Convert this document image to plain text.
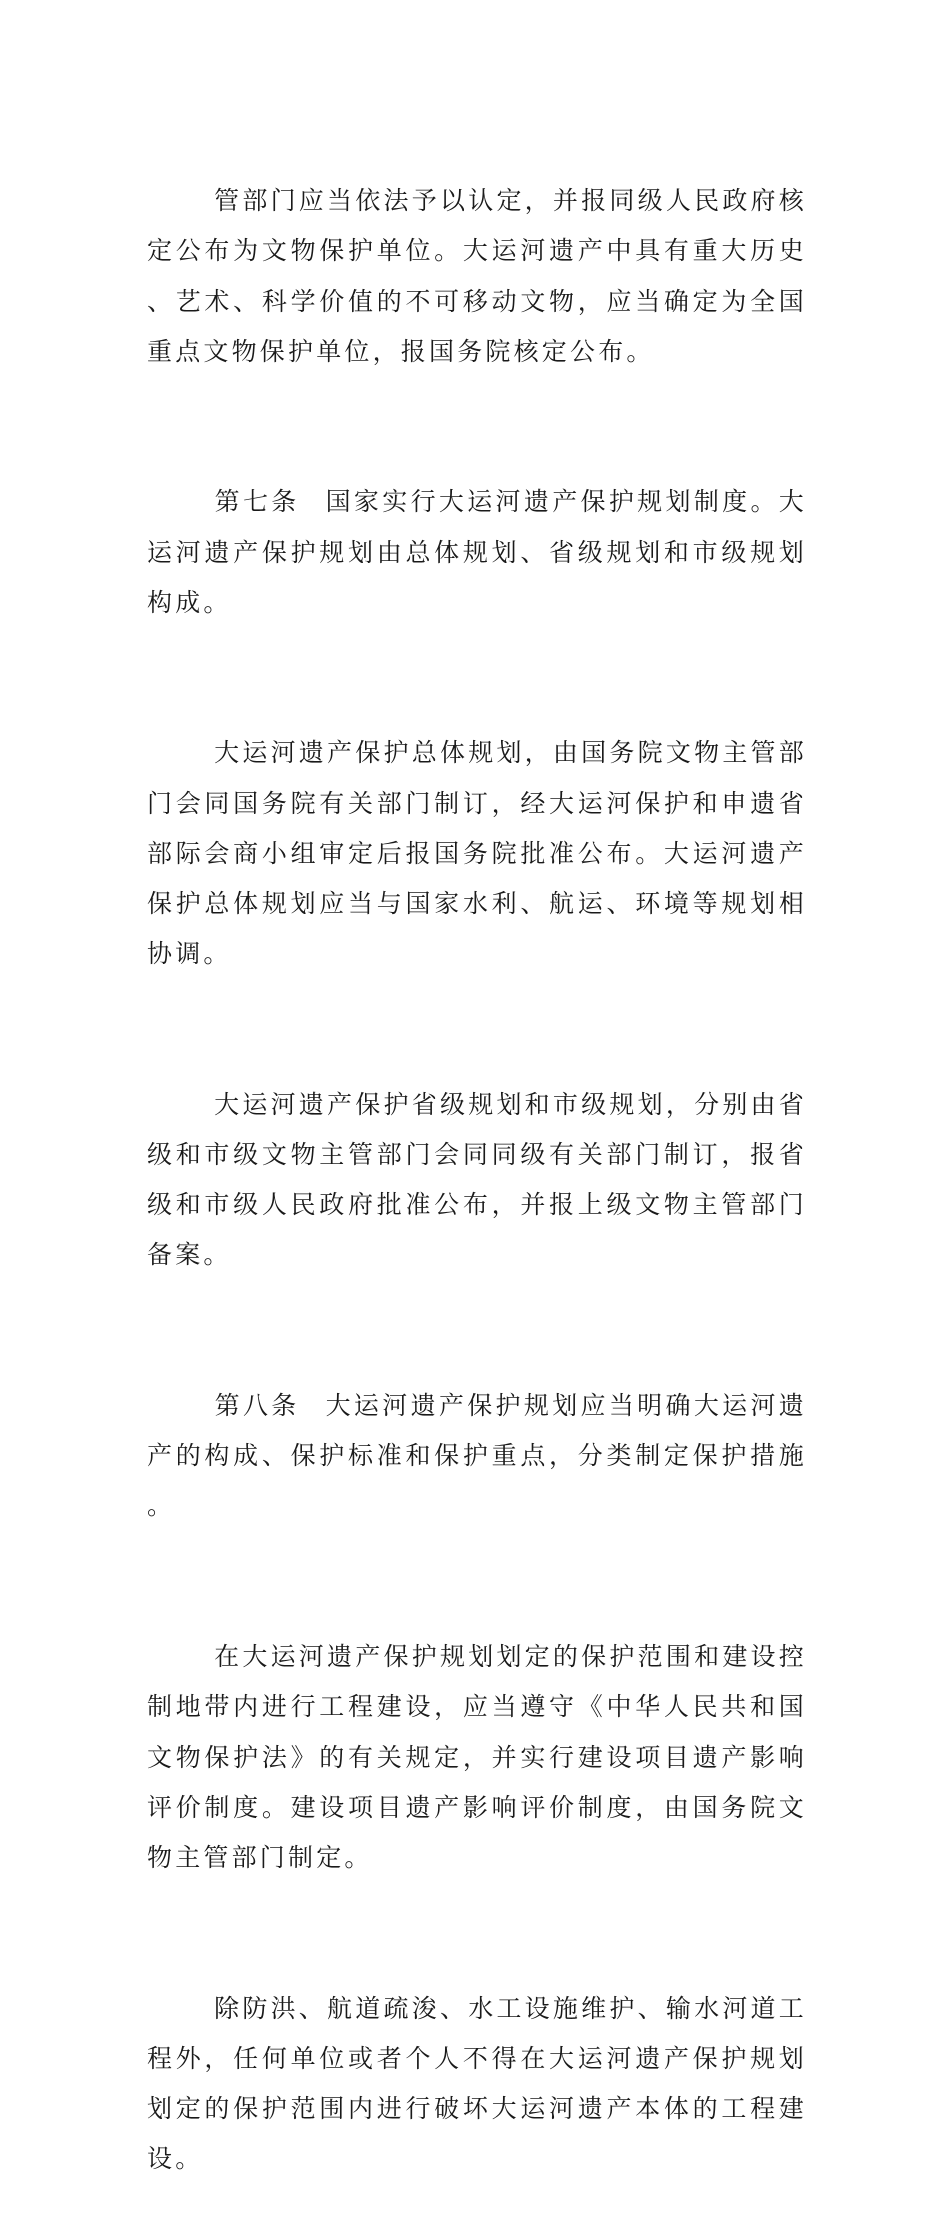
管部门应当依法予以认定，并报同级人民政府核定公布为文物保护单位。大运河遗产中具有重大历史、艺术、科学价值的不可移动文物，应当确定为全国重点文物保护单位，报国务院核定公布。

第七条 国家实行大运河遗产保护规划制度。大运河遗产保护规划由总体规划、省级规划和市级规划构成。

大运河遗产保护总体规划，由国务院文物主管部门会同国务院有关部门制订，经大运河保护和申遗省部际会商小组审定后报国务院批准公布。大运河遗产保护总体规划应当与国家水利、航运、环境等规划相协调。

大运河遗产保护省级规划和市级规划，分别由省级和市级文物主管部门会同同级有关部门制订，报省级和市级人民政府批准公布，并报上级文物主管部门备案。

第八条 大运河遗产保护规划应当明确大运河遗产的构成、保护标准和保护重点，分类制定保护措施。

在大运河遗产保护规划划定的保护范围和建设控制地带内进行工程建设，应当遵守《中华人民共和国文物保护法》的有关规定，并实行建设项目遗产影响评价制度。建设项目遗产影响评价制度，由国务院文物主管部门制定。

除防洪、航道疏浚、水工设施维护、输水河道工程外，任何单位或者个人不得在大运河遗产保护规划划定的保护范围内进行破坏大运河遗产本体的工程建设。
